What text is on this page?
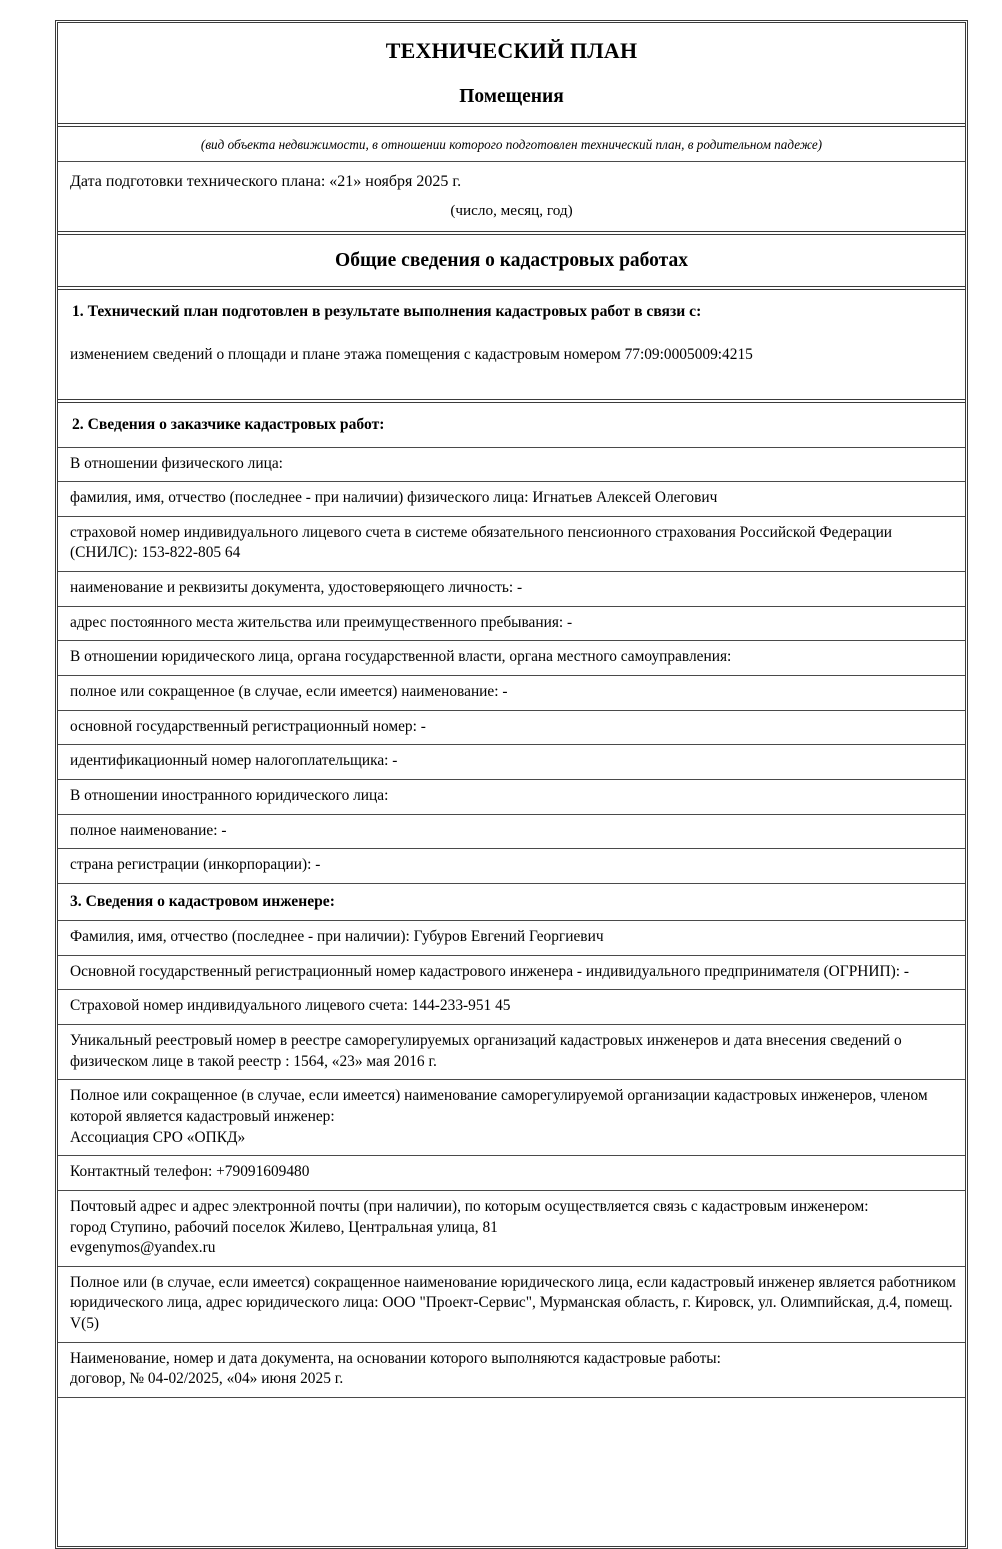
ТЕХНИЧЕСКИЙ ПЛАН
Помещения
(вид объекта недвижимости, в отношении которого подготовлен технический план, в родительном падеже)
Дата подготовки технического плана: «21» ноября 2025 г.
(число, месяц, год)
Общие сведения о кадастровых работах
1. Технический план подготовлен в результате выполнения кадастровых работ в связи с:
изменением сведений о площади и плане этажа помещения с кадастровым номером 77:09:0005009:4215
2. Сведения о заказчике кадастровых работ:
В отношении физического лица:
фамилия, имя, отчество (последнее - при наличии) физического лица: Игнатьев Алексей Олегович
страховой номер индивидуального лицевого счета в системе обязательного пенсионного страхования Российской Федерации (СНИЛС): 153-822-805 64
наименование и реквизиты документа, удостоверяющего личность: -
адрес постоянного места жительства или преимущественного пребывания: -
В отношении юридического лица, органа государственной власти, органа местного самоуправления:
полное или сокращенное (в случае, если имеется) наименование: -
основной государственный регистрационный номер: -
идентификационный номер налогоплательщика: -
В отношении иностранного юридического лица:
полное наименование: -
страна регистрации (инкорпорации): -
3. Сведения о кадастровом инженере:
Фамилия, имя, отчество (последнее - при наличии): Губуров Евгений Георгиевич
Основной государственный регистрационный номер кадастрового инженера - индивидуального предпринимателя (ОГРНИП): -
Страховой номер индивидуального лицевого счета: 144-233-951 45
Уникальный реестровый номер в реестре саморегулируемых организаций кадастровых инженеров и дата внесения сведений о физическом лице в такой реестр : 1564, «23» мая 2016 г.
Полное или сокращенное (в случае, если имеется) наименование саморегулируемой организации кадастровых инженеров, членом которой является кадастровый инженер:
Ассоциация СРО «ОПКД»
Контактный телефон: +79091609480
Почтовый адрес и адрес электронной почты (при наличии), по которым осуществляется связь с кадастровым инженером:
город Ступино, рабочий поселок Жилево, Центральная улица, 81
evgenymos@yandex.ru
Полное или (в случае, если имеется) сокращенное наименование юридического лица, если кадастровый инженер является работником юридического лица, адрес юридического лица: ООО "Проект-Сервис", Мурманская область, г. Кировск, ул. Олимпийская, д.4, помещ. V(5)
Наименование, номер и дата документа, на основании которого выполняются кадастровые работы:
договор, № 04-02/2025, «04» июня 2025 г.
